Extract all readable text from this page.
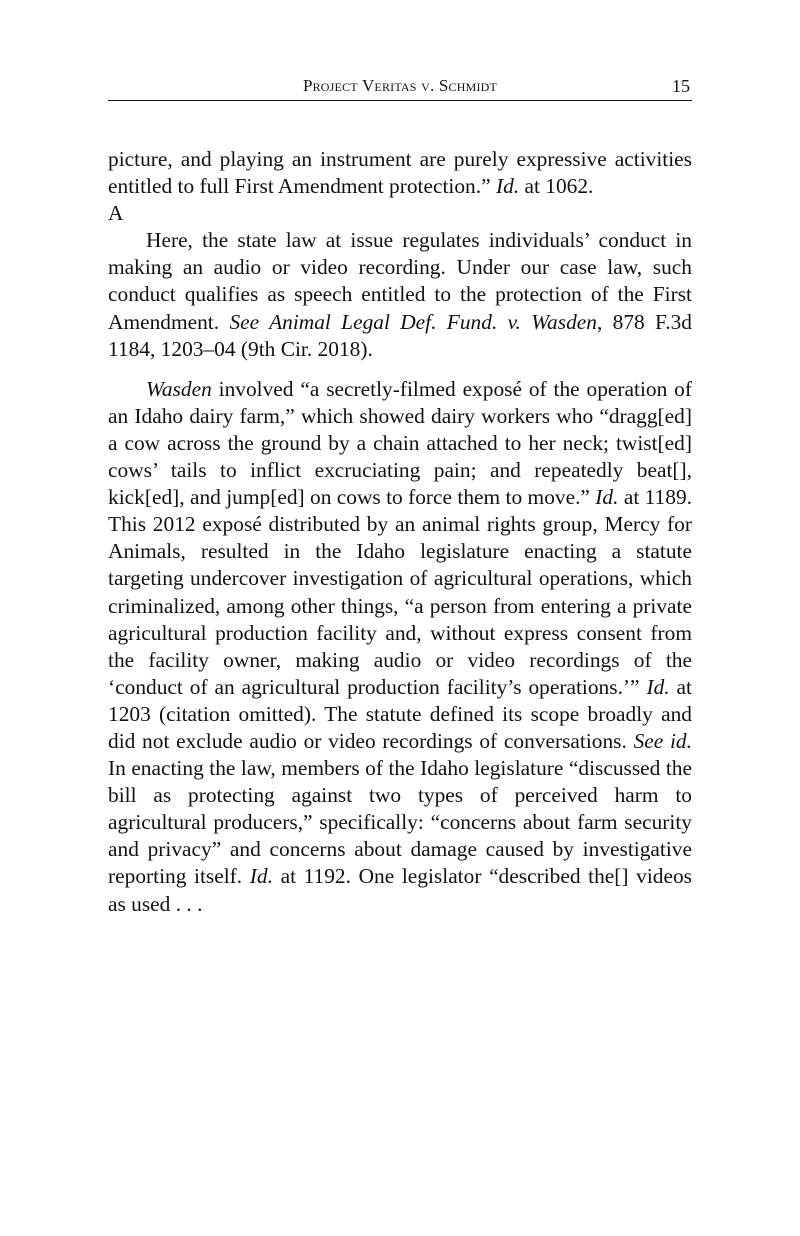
Project Veritas v. Schmidt	15

picture, and playing an instrument are purely expressive activities entitled to full First Amendment protection.” Id. at 1062.

A

Here, the state law at issue regulates individuals’ conduct in making an audio or video recording. Under our case law, such conduct qualifies as speech entitled to the protection of the First Amendment. See Animal Legal Def. Fund. v. Wasden, 878 F.3d 1184, 1203–04 (9th Cir. 2018).

Wasden involved “a secretly-filmed exposé of the operation of an Idaho dairy farm,” which showed dairy workers who “dragg[ed] a cow across the ground by a chain attached to her neck; twist[ed] cows’ tails to inflict excruciating pain; and repeatedly beat[], kick[ed], and jump[ed] on cows to force them to move.” Id. at 1189. This 2012 exposé distributed by an animal rights group, Mercy for Animals, resulted in the Idaho legislature enacting a statute targeting undercover investigation of agricultural operations, which criminalized, among other things, “a person from entering a private agricultural production facility and, without express consent from the facility owner, making audio or video recordings of the ‘conduct of an agricultural production facility’s operations.’” Id. at 1203 (citation omitted). The statute defined its scope broadly and did not exclude audio or video recordings of conversations. See id. In enacting the law, members of the Idaho legislature “discussed the bill as protecting against two types of perceived harm to agricultural producers,” specifically: “concerns about farm security and privacy” and concerns about damage caused by investigative reporting itself. Id. at 1192. One legislator “described the[] videos as used . . .
